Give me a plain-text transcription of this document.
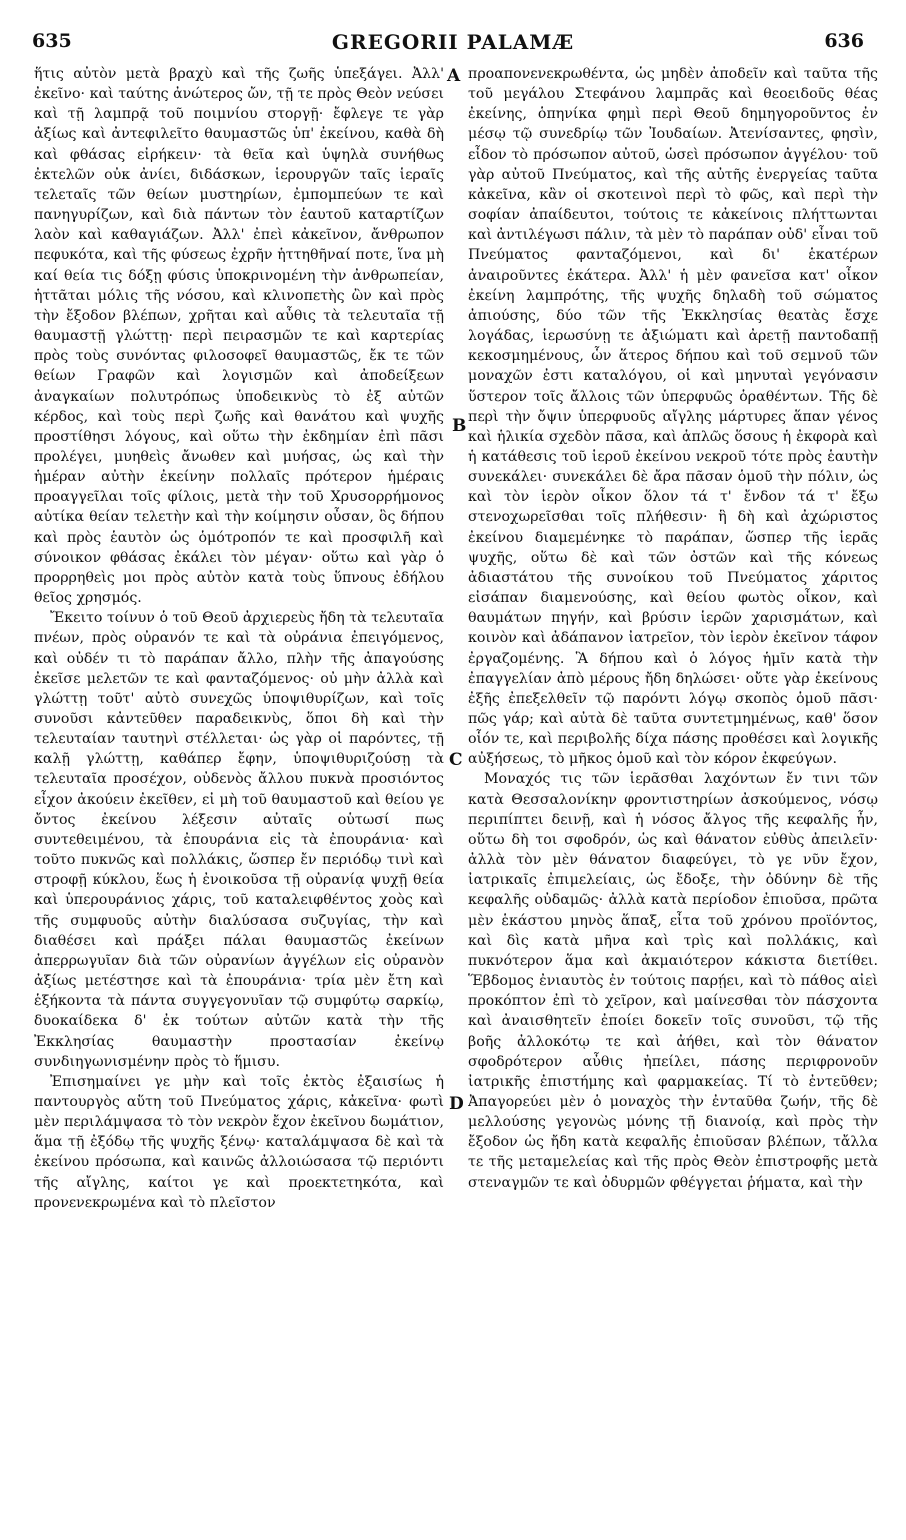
635	GREGORII PALAMÆ	636

ἥτις αὐτὸν μετὰ βραχὺ καὶ τῆς ζωῆς ὑπεξάγει. Ἀλλ' ἐκεῖνο· καὶ ταύτης ἀνώτερος ὤν, τῇ τε πρὸς Θεὸν νεύσει καὶ τῇ λαμπρᾷ τοῦ ποιμνίου στοργῇ· ἔφλεγε τε γὰρ ἀξίως καὶ ἀντεφιλεῖτο θαυμαστῶς ὑπ' ἐκείνου, καθὰ δὴ καὶ φθάσας εἰρήκειν· τὰ θεῖα καὶ ὑψηλὰ συνήθως ἐκτελῶν οὐκ ἀνίει, διδάσκων, ἱερουργῶν ταῖς ἱεραῖς τελεταῖς τῶν θείων μυστηρίων, ἐμπομπεύων τε καὶ πανηγυρίζων, καὶ διὰ πάντων τὸν ἑαυτοῦ καταρτίζων λαὸν καὶ καθαγιάζων. Ἀλλ' ἐπεὶ κἀκεῖνον, ἄνθρωπον πεφυκότα, καὶ τῆς φύσεως ἐχρῆν ἡττηθῆναί ποτε, ἵνα μὴ καί θεία τις δόξῃ φύσις ὑποκρινομένη τὴν ἀνθρωπείαν, ἡττᾶται μόλις τῆς νόσου, καὶ κλινοπετὴς ὢν καὶ πρὸς τὴν ἔξοδον βλέπων, χρῆται καὶ αὖθις τὰ τελευταῖα τῇ θαυμαστῇ γλώττῃ· περὶ πειρασμῶν τε καὶ καρτερίας πρὸς τοὺς συνόντας φιλοσοφεῖ θαυμαστῶς, ἔκ τε τῶν θείων Γραφῶν καὶ λογισμῶν καὶ ἀποδείξεων ἀναγκαίων πολυτρόπως ὑποδεικνὺς τὸ ἐξ αὐτῶν κέρδος, καὶ τοὺς περὶ ζωῆς καὶ θανάτου καὶ ψυχῆς προστίθησι λόγους, καὶ οὕτω τὴν ἐκδημίαν ἐπὶ πᾶσι προλέγει, μυηθεὶς ἄνωθεν καὶ μυήσας, ὡς καὶ τὴν ἡμέραν αὐτὴν ἐκείνην πολλαῖς πρότερον ἡμέραις προαγγεῖλαι τοῖς φίλοις, μετὰ τὴν τοῦ Χρυσορρήμονος αὐτίκα θείαν τελετὴν καὶ τὴν κοίμησιν οὖσαν, ὃς δήπου καὶ πρὸς ἑαυτὸν ὡς ὁμότροπόν τε καὶ προσφιλῆ καὶ σύνοικον φθάσας ἐκάλει τὸν μέγαν· οὕτω καὶ γὰρ ὁ προρρηθεὶς μοι πρὸς αὐτὸν κατὰ τοὺς ὕπνους ἐδήλου θεῖος χρησμός.

Ἔκειτο τοίνυν ὁ τοῦ Θεοῦ ἀρχιερεὺς ἤδη τὰ τελευταῖα πνέων, πρὸς οὐρανόν τε καὶ τὰ οὐράνια ἐπειγόμενος, καὶ οὐδέν τι τὸ παράπαν ἄλλο, πλὴν τῆς ἀπαγούσης ἐκεῖσε μελετῶν τε καὶ φανταζόμενος· οὐ μὴν ἀλλὰ καὶ γλώττῃ τοῦτ' αὐτὸ συνεχῶς ὑποψιθυρίζων, καὶ τοῖς συνοῦσι κἀντεῦθεν παραδεικνὺς, ὅποι δὴ καὶ τὴν τελευταίαν ταυτηνὶ στέλλεται· ὡς γὰρ οἱ παρόντες, τῇ καλῇ γλώττῃ, καθάπερ ἔφην, ὑποψιθυριζούσῃ τὰ τελευταῖα προσέχον, οὐδενὸς ἄλλου πυκνὰ προσιόντος εἶχον ἀκούειν ἐκεῖθεν, εἰ μὴ τοῦ θαυμαστοῦ καὶ θείου γε ὄντος ἐκείνου λέξεσιν αὐταῖς οὑτωσί πως συντεθειμένου, τὰ ἐπουράνια εἰς τὰ ἐπουράνια· καὶ τοῦτο πυκνῶς καὶ πολλάκις, ὥσπερ ἔν περιόδῳ τινὶ καὶ στροφῇ κύκλου, ἕως ἡ ἐνοικοῦσα τῇ οὐρανίᾳ ψυχῇ θεία καὶ ὑπερουράνιος χάρις, τοῦ καταλειφθέντος χοὸς καὶ τῆς συμφυοῦς αὐτὴν διαλύσασα συζυγίας, τὴν καὶ διαθέσει καὶ πράξει πάλαι θαυμαστῶς ἐκείνων ἀπερρωγυῖαν διὰ τῶν οὐρανίων ἀγγέλων εἰς οὐρανὸν ἀξίως μετέστησε καὶ τὰ ἐπουράνια· τρία μὲν ἔτη καὶ ἑξήκοντα τὰ πάντα συγγεγονυῖαν τῷ συμφύτῳ σαρκίῳ, δυοκαίδεκα δ' ἐκ τούτων αὐτῶν κατὰ τὴν τῆς Ἐκκλησίας θαυμαστὴν προστασίαν ἐκείνῳ συνδιηγωνισμένην πρὸς τὸ ἥμισυ.

Ἐπισημαίνει γε μὴν καὶ τοῖς ἐκτὸς ἐξαισίως ἡ παντουργὸς αὕτη τοῦ Πνεύματος χάρις, κἀκεῖνα· φωτὶ μὲν περιλάμψασα τὸ τὸν νεκρὸν ἔχον ἐκεῖνου δωμάτιον, ἅμα τῇ ἐξόδῳ τῆς ψυχῆς ξένῳ· καταλάμψασα δὲ καὶ τὰ ἐκείνου πρόσωπα, καὶ καινῶς ἀλλοιώσασα τῷ περιόντι τῆς αἴγλης, καίτοι γε καὶ προεκτετηκότα, καὶ προνενεκρωμένα καὶ τὸ πλεῖστον

A
B
C
D

προαπονενεκρωθέντα, ὡς μηδὲν ἀποδεῖν καὶ ταῦτα τῆς τοῦ μεγάλου Στεφάνου λαμπρᾶς καὶ θεοειδοῦς θέας ἐκείνης, ὁπηνίκα φημὶ περὶ Θεοῦ δημηγοροῦντος ἐν μέσῳ τῷ συνεδρίῳ τῶν Ἰουδαίων. Ἀτενίσαντες, φησὶν, εἶδον τὸ πρόσωπον αὐτοῦ, ὡσεὶ πρόσωπον ἀγγέλου· τοῦ γὰρ αὐτοῦ Πνεύματος, καὶ τῆς αὐτῆς ἐνεργείας ταῦτα κἀκεῖνα, κἂν οἱ σκοτεινοὶ περὶ τὸ φῶς, καὶ περὶ τὴν σοφίαν ἀπαίδευτοι, τούτοις τε κἀκείνοις πλήττωνται καὶ ἀντιλέγωσι πάλιν, τὰ μὲν τὸ παράπαν οὐδ' εἶναι τοῦ Πνεύματος φανταζόμενοι, καὶ δι' ἑκατέρων ἀναιροῦντες ἑκάτερα. Ἀλλ' ἡ μὲν φανεῖσα κατ' οἶκον ἐκείνη λαμπρότης, τῆς ψυχῆς δηλαδὴ τοῦ σώματος ἀπιούσης, δύο τῶν τῆς Ἐκκλησίας θεατὰς ἔσχε λογάδας, ἱερωσύνῃ τε ἀξιώματι καὶ ἀρετῇ παντοδαπῇ κεκοσμημένους, ὧν ἅτερος δήπου καὶ τοῦ σεμνοῦ τῶν μοναχῶν ἐστι καταλόγου, οἱ καὶ μηνυταὶ γεγόνασιν ὕστερον τοῖς ἄλλοις τῶν ὑπερφυῶς ὁραθέντων. Τῆς δὲ περὶ τὴν ὄψιν ὑπερφυοῦς αἴγλης μάρτυρες ἅπαν γένος καὶ ἡλικία σχεδὸν πᾶσα, καὶ ἁπλῶς ὅσους ἡ ἐκφορὰ καὶ ἡ κατάθεσις τοῦ ἱεροῦ ἐκείνου νεκροῦ τότε πρὸς ἑαυτὴν συνεκάλει· συνεκάλει δὲ ἄρα πᾶσαν ὁμοῦ τὴν πόλιν, ὡς καὶ τὸν ἱερὸν οἶκον ὅλον τά τ' ἔνδον τά τ' ἔξω στενοχωρεῖσθαι τοῖς πλήθεσιν· ἣ δὴ καὶ ἀχώριστος ἐκείνου διαμεμένηκε τὸ παράπαν, ὥσπερ τῆς ἱερᾶς ψυχῆς, οὕτω δὲ καὶ τῶν ὀστῶν καὶ τῆς κόνεως ἀδιαστάτου τῆς συνοίκου τοῦ Πνεύματος χάριτος εἰσάπαν διαμενούσης, καὶ θείου φωτὸς οἶκον, καὶ θαυμάτων πηγήν, καὶ βρύσιν ἱερῶν χαρισμάτων, καὶ κοινὸν καὶ ἀδάπανον ἰατρεῖον, τὸν ἱερὸν ἐκεῖνον τάφον ἐργαζομένης. Ἃ δήπου καὶ ὁ λόγος ἡμῖν κατὰ τὴν ἐπαγγελίαν ἀπὸ μέρους ἤδη δηλώσει· οὔτε γὰρ ἐκείνους ἐξῆς ἐπεξελθεῖν τῷ παρόντι λόγῳ σκοπὸς ὁμοῦ πᾶσι· πῶς γάρ; καὶ αὐτὰ δὲ ταῦτα συντετμημένως, καθ' ὅσον οἷόν τε, καὶ περιβολῆς δίχα πάσης προθέσει καὶ λογικῆς αὐξήσεως, τὸ μῆκος ὁμοῦ καὶ τὸν κόρον ἐκφεύγων.

Μοναχός τις τῶν ἱερᾶσθαι λαχόντων ἔν τινι τῶν κατὰ Θεσσαλονίκην φροντιστηρίων ἀσκούμενος, νόσῳ περιπίπτει δεινῇ, καὶ ἡ νόσος ἄλγος τῆς κεφαλῆς ἦν, οὕτω δὴ τοι σφοδρόν, ὡς καὶ θάνατον εὐθὺς ἀπειλεῖν· ἀλλὰ τὸν μὲν θάνατον διαφεύγει, τὸ γε νῦν ἔχον, ἰατρικαῖς ἐπιμελείαις, ὡς ἔδοξε, τὴν ὀδύνην δὲ τῆς κεφαλῆς οὐδαμῶς· ἀλλὰ κατὰ περίοδον ἐπιοῦσα, πρῶτα μὲν ἑκάστου μηνὸς ἅπαξ, εἶτα τοῦ χρόνου προϊόντος, καὶ δὶς κατὰ μῆνα καὶ τρὶς καὶ πολλάκις, καὶ πυκνότερον ἅμα καὶ ἀκμαιότερον κάκιστα διετίθει. Ἕβδομος ἐνιαυτὸς ἐν τούτοις παρῄει, καὶ τὸ πάθος αἰεὶ προκόπτον ἐπὶ τὸ χεῖρον, καὶ μαίνεσθαι τὸν πάσχοντα καὶ ἀναισθητεῖν ἐποίει δοκεῖν τοῖς συνοῦσι, τῷ τῆς βοῆς ἀλλοκότῳ τε καὶ ἀήθει, καὶ τὸν θάνατον σφοδρότερον αὖθις ἠπείλει, πάσης περιφρονοῦν ἰατρικῆς ἐπιστήμης καὶ φαρμακείας. Τί τὸ ἐντεῦθεν; Ἀπαγορεύει μὲν ὁ μοναχὸς τὴν ἐνταῦθα ζωήν, τῆς δὲ μελλούσης γεγονὼς μόνης τῇ διανοίᾳ, καὶ πρὸς τὴν ἔξοδον ὡς ἤδη κατὰ κεφαλῆς ἐπιοῦσαν βλέπων, τἄλλα τε τῆς μεταμελείας καὶ τῆς πρὸς Θεὸν ἐπιστροφῆς μετὰ στεναγμῶν τε καὶ ὀδυρμῶν φθέγγεται ῥήματα, καὶ τὴν
